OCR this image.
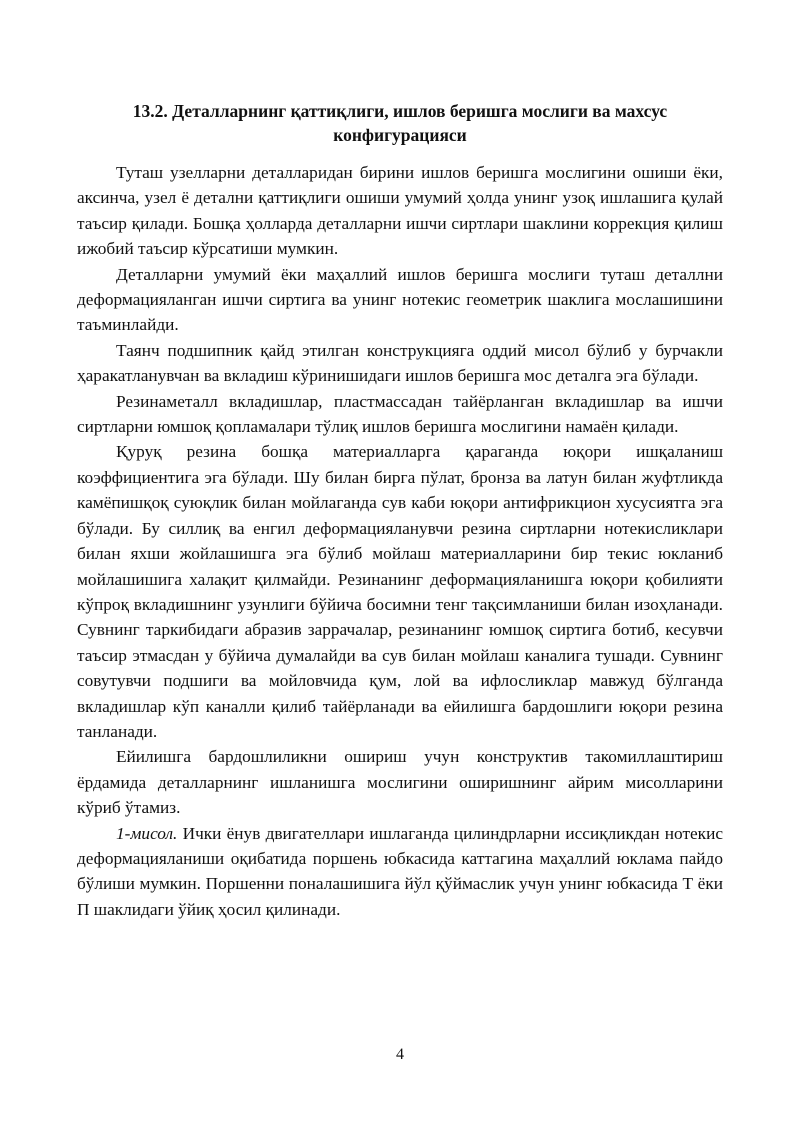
13.2. Деталларнинг қаттиқлиги, ишлов беришга мослиги ва махсус конфигурацияси

Туташ узелларни деталларидан бирини ишлов беришга мослигини ошиши ёки, аксинча, узел ё детални қаттиқлиги ошиши умумий ҳолда унинг узоқ ишлашига қулай таъсир қилади. Бошқа ҳолларда деталларни ишчи сиртлари шаклини коррекция қилиш ижобий таъсир кўрсатиши мумкин.

Деталларни умумий ёки маҳаллий ишлов беришга мослиги туташ деталлни деформацияланган ишчи сиртига ва унинг нотекис геометрик шаклига мослашишини таъминлайди.

Таянч подшипник қайд этилган конструкцияга оддий мисол бўлиб у бурчакли ҳаракатланувчан ва вкладиш кўринишидаги ишлов беришга мос деталга эга бўлади.

Резинаметалл вкладишлар, пластмассадан тайёрланган вкладишлар ва ишчи сиртларни юмшоқ қопламалари тўлиқ ишлов беришга мослигини намаён қилади.

Қуруқ резина бошқа материалларга қараганда юқори ишқаланиш коэффициентига эга бўлади. Шу билан бирга пўлат, бронза ва латун билан жуфтликда камёпишқоқ суюқлик билан мойлаганда сув каби юқори антифрикцион хусусиятга эга бўлади. Бу силлиқ ва енгил деформацияланувчи резина сиртларни нотекисликлари билан яхши жойлашишга эга бўлиб мойлаш материалларини бир текис юкланиб мойлашишига халақит қилмайди. Резинанинг деформацияланишга юқори қобилияти кўпроқ вкладишнинг узунлиги бўйича босимни тенг тақсимланиши билан изоҳланади. Сувнинг таркибидаги абразив заррачалар, резинанинг юмшоқ сиртига ботиб, кесувчи таъсир этмасдан у бўйича думалайди ва сув билан мойлаш каналига тушади. Сувнинг совутувчи подшиги ва мойловчида қум, лой ва ифлосликлар мавжуд бўлганда вкладишлар кўп каналли қилиб тайёрланади ва ейилишга бардошлиги юқори резина танланади.

Ейилишга бардошлиликни ошириш учун конструктив такомиллаштириш ёрдамида деталларнинг ишланишга мослигини оширишнинг айрим мисолларини кўриб ўтамиз.

1-мисол. Ички ёнув двигателлари ишлаганда цилиндрларни иссиқликдан нотекис деформацияланиши оқибатида поршень юбкасида каттагина маҳаллий юклама пайдо бўлиши мумкин. Поршенни поналашишига йўл қўймаслик учун унинг юбкасида Т ёки П шаклидаги ўйиқ ҳосил қилинади.

4
